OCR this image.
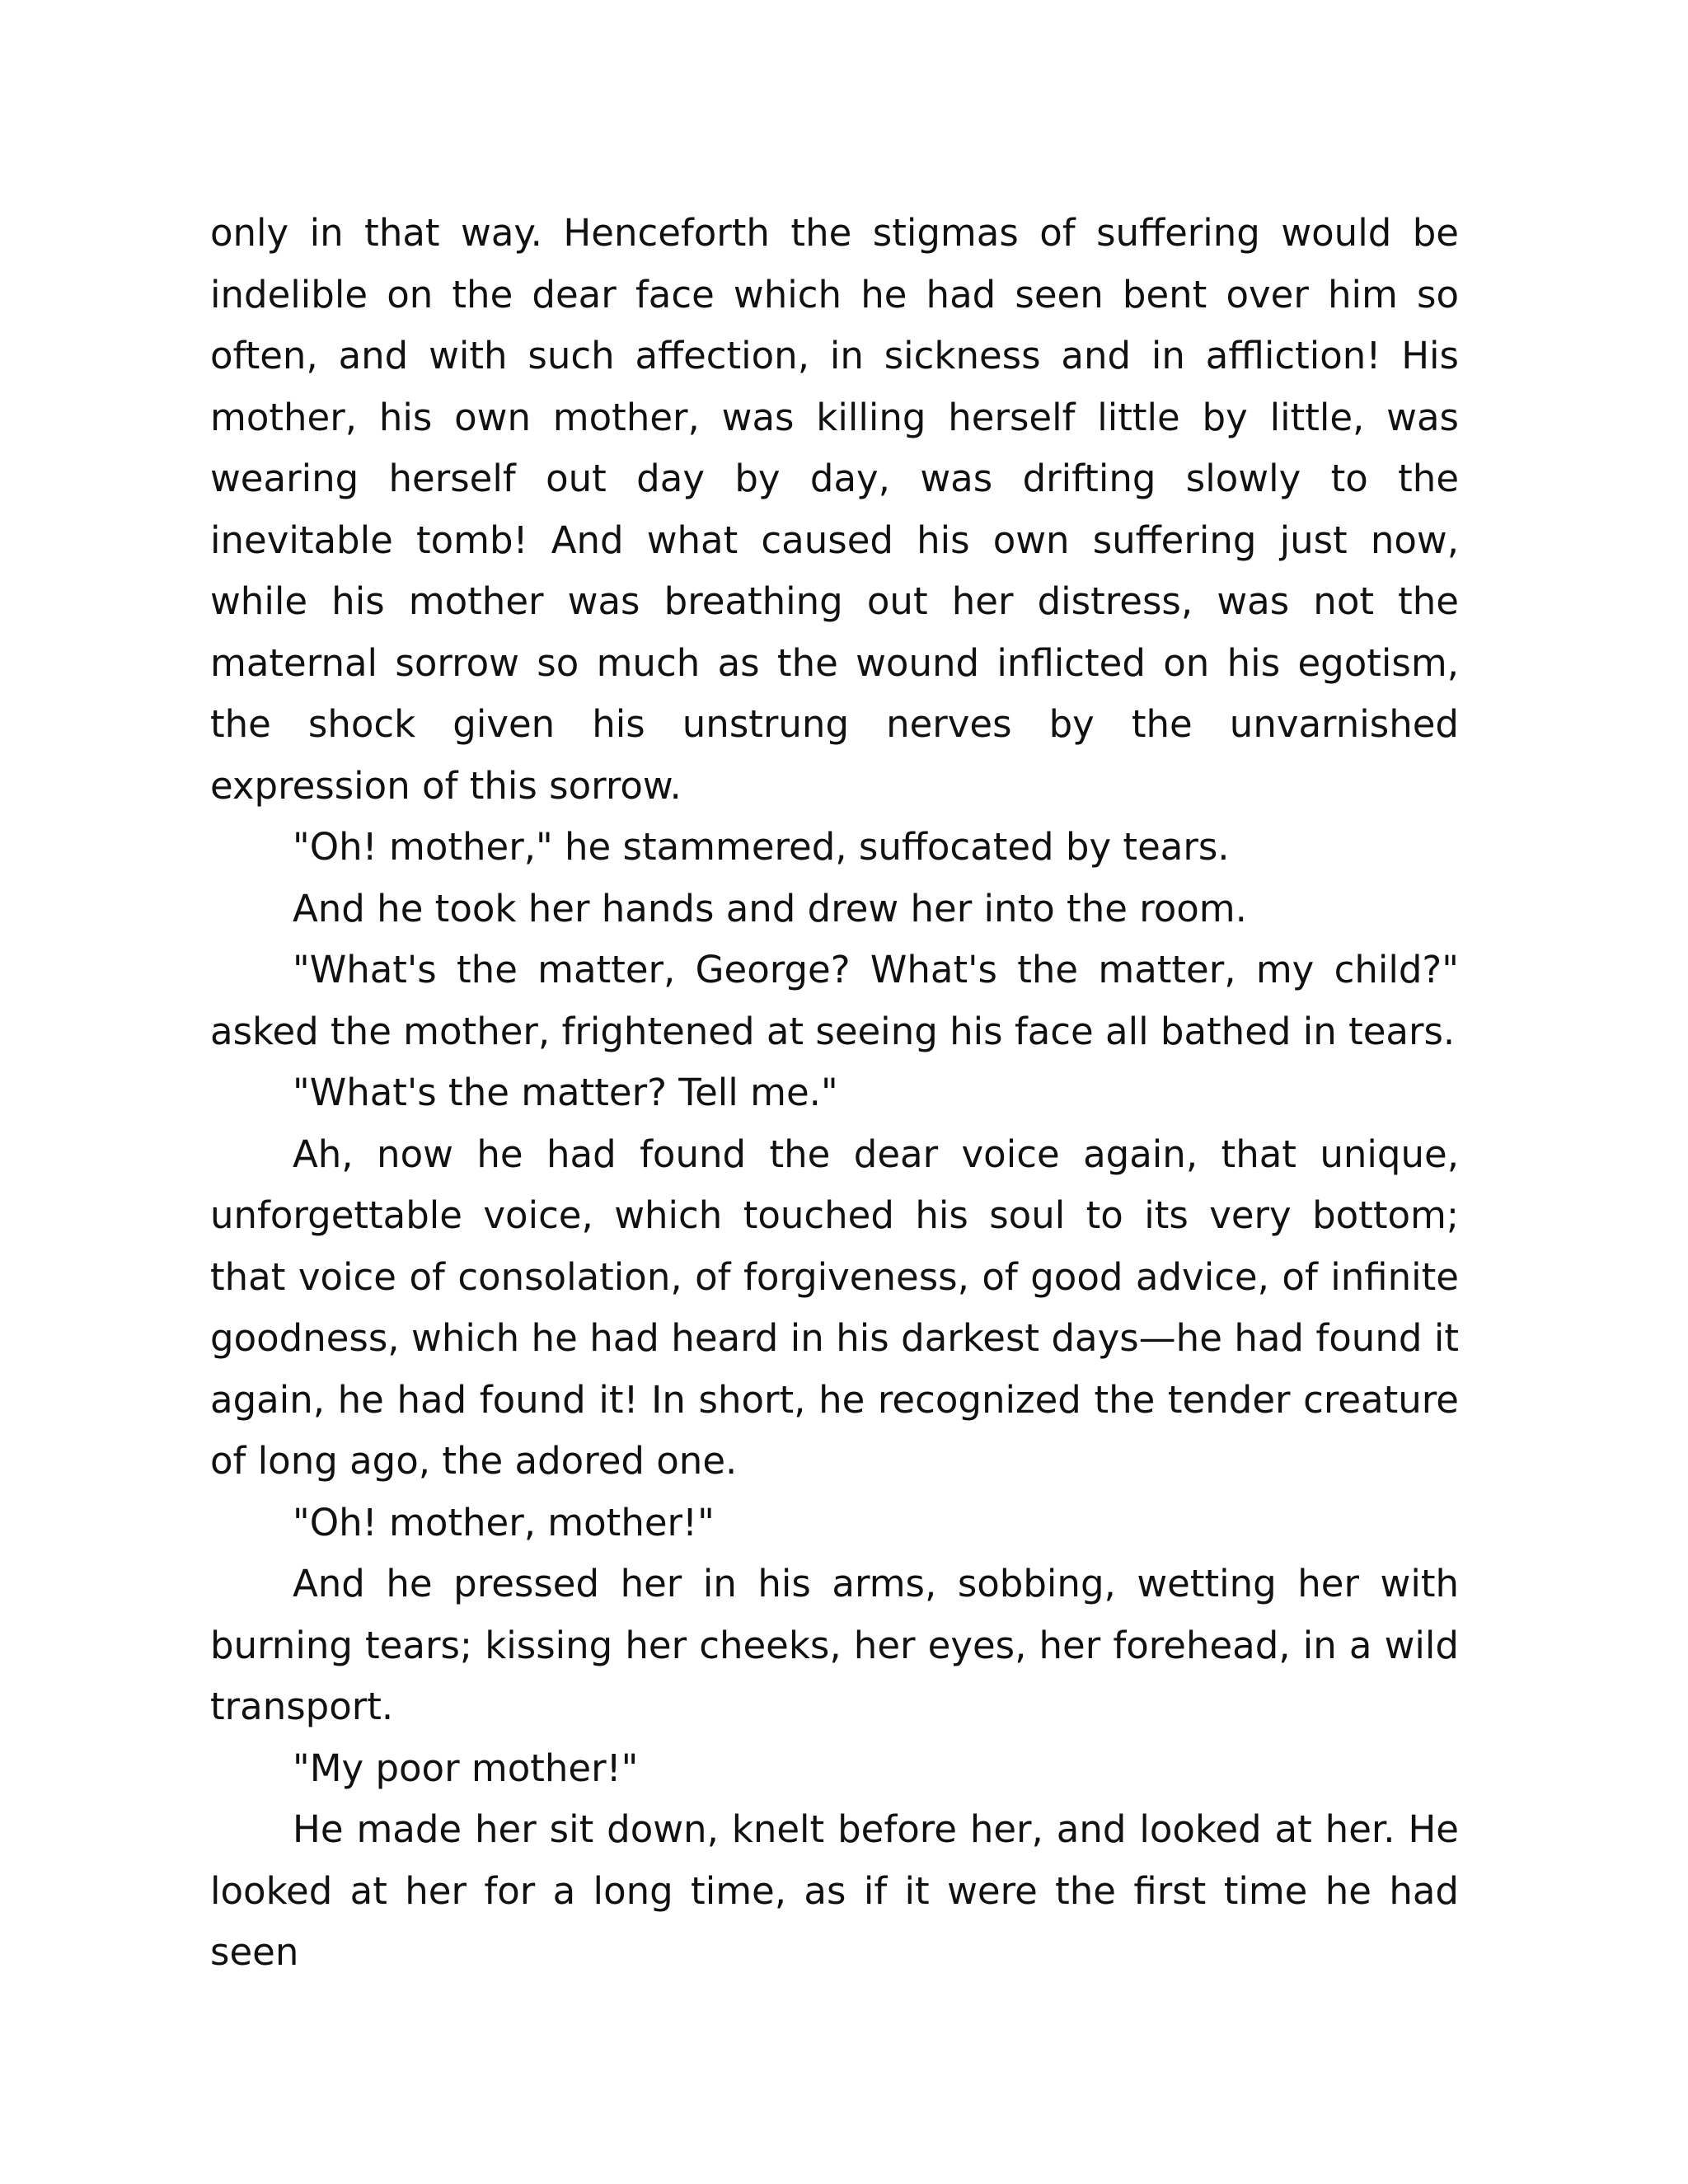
only in that way. Henceforth the stigmas of suffering would be indelible on the dear face which he had seen bent over him so often, and with such affection, in sickness and in affliction! His mother, his own mother, was killing herself little by little, was wearing herself out day by day, was drifting slowly to the inevitable tomb! And what caused his own suffering just now, while his mother was breathing out her distress, was not the maternal sorrow so much as the wound inflicted on his egotism, the shock given his unstrung nerves by the unvarnished expression of this sorrow.

"Oh! mother," he stammered, suffocated by tears.

And he took her hands and drew her into the room.

"What's the matter, George? What's the matter, my child?" asked the mother, frightened at seeing his face all bathed in tears.

"What's the matter? Tell me."

Ah, now he had found the dear voice again, that unique, unforgettable voice, which touched his soul to its very bottom; that voice of consolation, of forgiveness, of good advice, of infinite goodness, which he had heard in his darkest days—he had found it again, he had found it! In short, he recognized the tender creature of long ago, the adored one.

"Oh! mother, mother!"

And he pressed her in his arms, sobbing, wetting her with burning tears; kissing her cheeks, her eyes, her forehead, in a wild transport.

"My poor mother!"

He made her sit down, knelt before her, and looked at her. He looked at her for a long time, as if it were the first time he had seen
